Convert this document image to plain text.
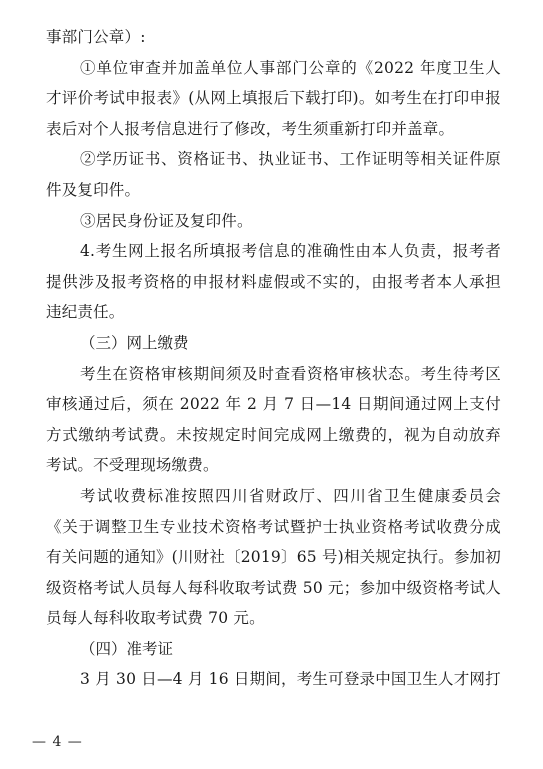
事部门公章）:

①单位审查并加盖单位人事部门公章的《2022 年度卫生人才评价考试申报表》(从网上填报后下载打印)。如考生在打印申报表后对个人报考信息进行了修改，考生须重新打印并盖章。

②学历证书、资格证书、执业证书、工作证明等相关证件原件及复印件。

③居民身份证及复印件。

4.考生网上报名所填报考信息的准确性由本人负责，报考者提供涉及报考资格的申报材料虚假或不实的，由报考者本人承担违纪责任。

（三）网上缴费

考生在资格审核期间须及时查看资格审核状态。考生待考区审核通过后，须在 2022 年 2 月 7 日—14 日期间通过网上支付方式缴纳考试费。未按规定时间完成网上缴费的，视为自动放弃考试。不受理现场缴费。

考试收费标准按照四川省财政厅、四川省卫生健康委员会《关于调整卫生专业技术资格考试暨护士执业资格考试收费分成有关问题的通知》(川财社〔2019〕65 号)相关规定执行。参加初级资格考试人员每人每科收取考试费 50 元；参加中级资格考试人员每人每科收取考试费 70 元。

（四）准考证

3 月 30 日—4 月 16 日期间，考生可登录中国卫生人才网打

— 4 —
